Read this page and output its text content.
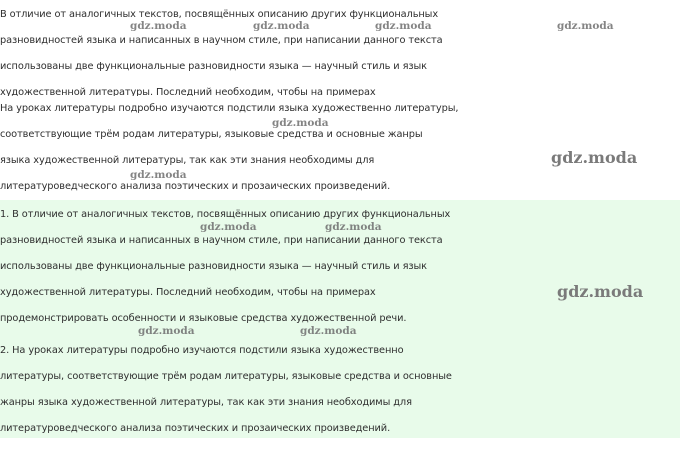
В отличие от аналогичных текстов, посвящённых описанию других функциональных
разновидностей языка и написанных в научном стиле, при написании данного текста
использованы две функциональные разновидности языка — научный стиль и язык
художественной литературы. Последний необходим, чтобы на примерах
На уроках литературы подробно изучаются подстили языка художественно литературы,
соответствующие трём родам литературы, языковые средства и основные жанры
языка художественной литературы, так как эти знания необходимы для
литературоведческого анализа поэтических и прозаических произведений.
1. В отличие от аналогичных текстов, посвящённых описанию других функциональных
разновидностей языка и написанных в научном стиле, при написании данного текста
использованы две функциональные разновидности языка — научный стиль и язык
художественной литературы. Последний необходим, чтобы на примерах
продемонстрировать особенности и языковые средства художественной речи.
2. На уроках литературы подробно изучаются подстили языка художественно
литературы, соответствующие трём родам литературы, языковые средства и основные
жанры языка художественной литературы, так как эти знания необходимы для
литературоведческого анализа поэтических и прозаических произведений.
gdz.moda	gdz.moda	gdz.moda	gdz.moda
gdz.moda
gdz.moda
gdz.moda
gdz.moda	gdz.moda
gdz.moda
gdz.moda	gdz.moda
